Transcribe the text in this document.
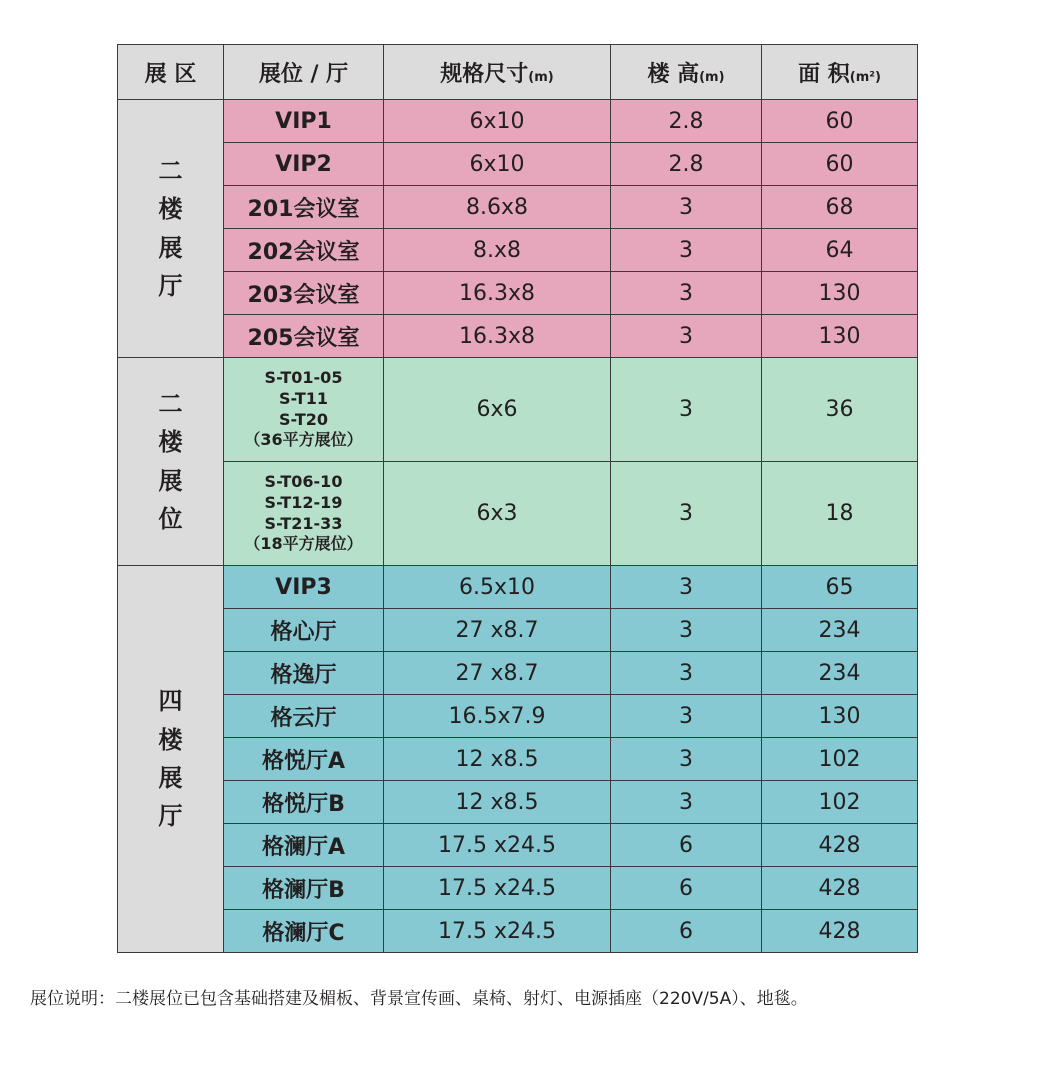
展 区	展位 / 厅	规格尺寸(m)	楼 高(m)	面 积(m²)

二
楼
展
厅	VIP1	6x10	2.8	60
	VIP2	6x10	2.8	60
	201会议室	8.6x8	3	68
	202会议室	8.x8	3	64
	203会议室	16.3x8	3	130
	205会议室	16.3x8	3	130

二
楼
展
位	S-T01-05
S-T11
S-T20
（36平方展位）	6x6	3	36

	S-T06-10
S-T12-19
S-T21-33
（18平方展位）	6x3	3	18

四
楼
展
厅	VIP3	6.5x10	3	65
	格心厅	27 x8.7	3	234
	格逸厅	27 x8.7	3	234
	格云厅	16.5x7.9	3	130
	格悦厅A	12 x8.5	3	102
	格悦厅B	12 x8.5	3	102
	格澜厅A	17.5 x24.5	6	428
	格澜厅B	17.5 x24.5	6	428
	格澜厅C	17.5 x24.5	6	428
展位说明：二楼展位已包含基础搭建及楣板、背景宣传画、桌椅、射灯、电源插座（220V/5A）、地毯。
